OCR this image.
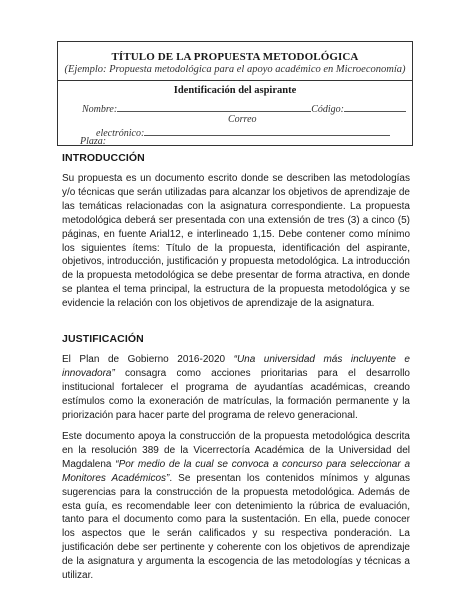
TÍTULO DE LA PROPUESTA METODOLÓGICA
(Ejemplo: Propuesta metodológica para el apoyo académico en Microeconomía)
Identificación del aspirante
Nombre:	Código:
Correo
electrónico:
Plaza:
INTRODUCCIÓN
Su propuesta es un documento escrito donde se describen las metodologías y/o técnicas que serán utilizadas para alcanzar los objetivos de aprendizaje de las temáticas relacionadas con la asignatura correspondiente. La propuesta metodológica deberá ser presentada con una extensión de tres (3) a cinco (5) páginas, en fuente Arial12, e interlineado 1,15. Debe contener como mínimo los siguientes ítems: Título de la propuesta, identificación del aspirante, objetivos, introducción, justificación y propuesta metodológica. La introducción de la propuesta metodológica se debe presentar de forma atractiva, en donde se plantea el tema principal, la estructura de la propuesta metodológica y se evidencie la relación con los objetivos de aprendizaje de la asignatura.
JUSTIFICACIÓN
El Plan de Gobierno 2016-2020 “Una universidad más incluyente e innovadora” consagra como acciones prioritarias para el desarrollo institucional fortalecer el programa de ayudantías académicas, creando estímulos como la exoneración de matrículas, la formación permanente y la priorización para hacer parte del programa de relevo generacional.
Este documento apoya la construcción de la propuesta metodológica descrita en la resolución 389 de la Vicerrectoría Académica de la Universidad del Magdalena “Por medio de la cual se convoca a concurso para seleccionar a Monitores Académicos”. Se presentan los contenidos mínimos y algunas sugerencias para la construcción de la propuesta metodológica. Además de esta guía, es recomendable leer con detenimiento la rúbrica de evaluación, tanto para el documento como para la sustentación. En ella, puede conocer los aspectos que le serán calificados y su respectiva ponderación. La justificación debe ser pertinente y coherente con los objetivos de aprendizaje de la asignatura y argumenta la escogencia de las metodologías y técnicas a utilizar.
